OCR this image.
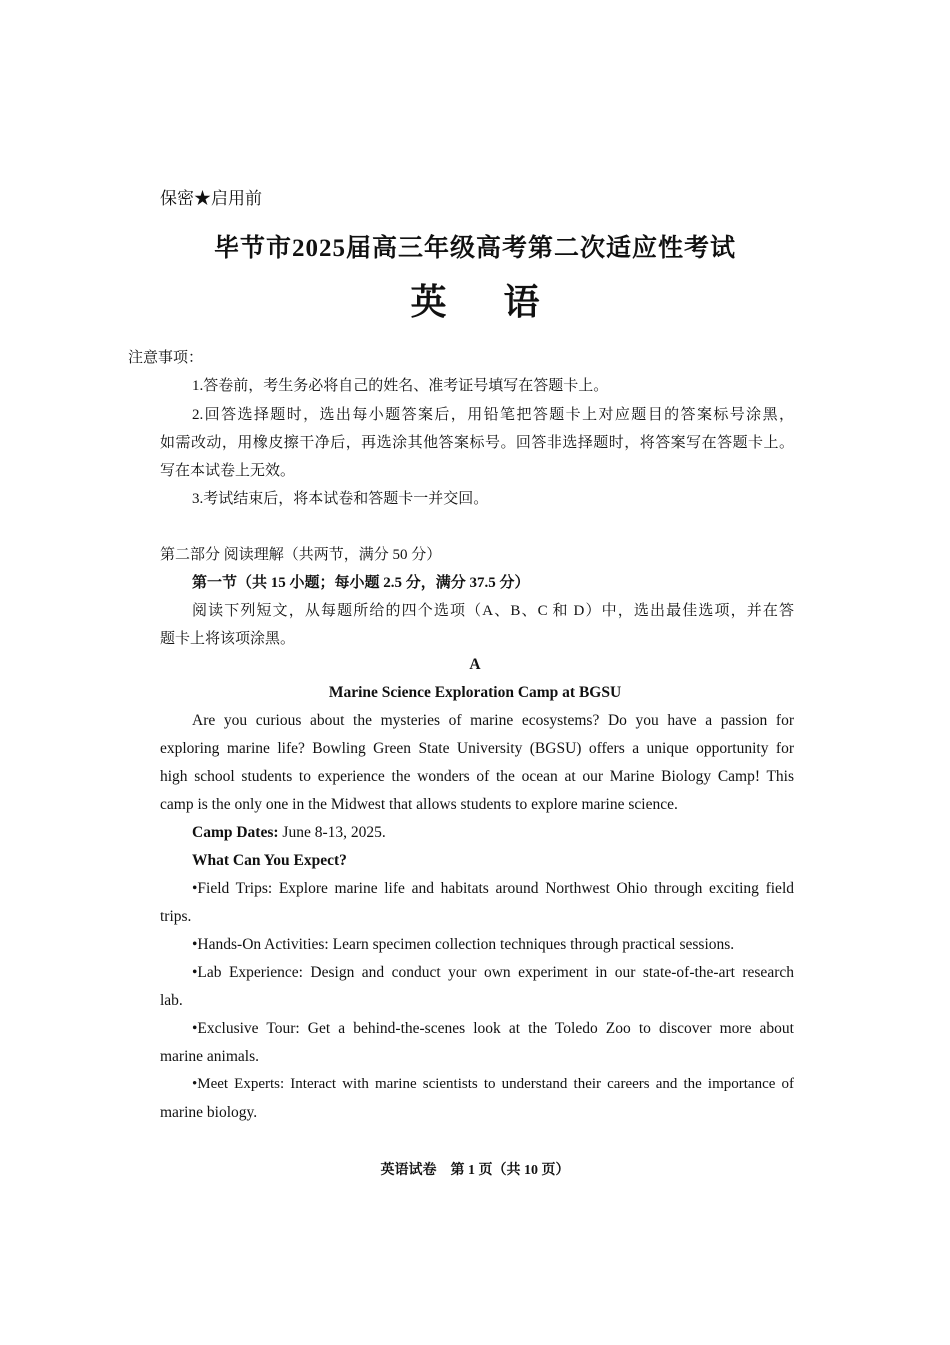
保密★启用前
毕节市2025届高三年级高考第二次适应性考试
英 语
注意事项：
1.答卷前，考生务必将自己的姓名、准考证号填写在答题卡上。
2.回答选择题时，选出每小题答案后，用铅笔把答题卡上对应题目的答案标号涂黑，
如需改动，用橡皮擦干净后，再选涂其他答案标号。回答非选择题时，将答案写在答题卡上。
写在本试卷上无效。
3.考试结束后，将本试卷和答题卡一并交回。
第二部分 阅读理解（共两节，满分 50 分）
第一节（共 15 小题；每小题 2.5 分，满分 37.5 分）
阅读下列短文，从每题所给的四个选项（A、B、C 和 D）中，选出最佳选项，并在答
题卡上将该项涂黑。
A
Marine Science Exploration Camp at BGSU
Are you curious about the mysteries of marine ecosystems? Do you have a passion for
exploring marine life? Bowling Green State University (BGSU) offers a unique opportunity for
high school students to experience the wonders of the ocean at our Marine Biology Camp! This
camp is the only one in the Midwest that allows students to explore marine science.
Camp Dates: June 8-13, 2025.
What Can You Expect?
•Field Trips: Explore marine life and habitats around Northwest Ohio through exciting field
trips.
•Hands-On Activities: Learn specimen collection techniques through practical sessions.
•Lab Experience: Design and conduct your own experiment in our state-of-the-art research
lab.
•Exclusive Tour: Get a behind-the-scenes look at the Toledo Zoo to discover more about
marine animals.
•Meet Experts: Interact with marine scientists to understand their careers and the importance of
marine biology.
英语试卷　第 1 页（共 10 页）
